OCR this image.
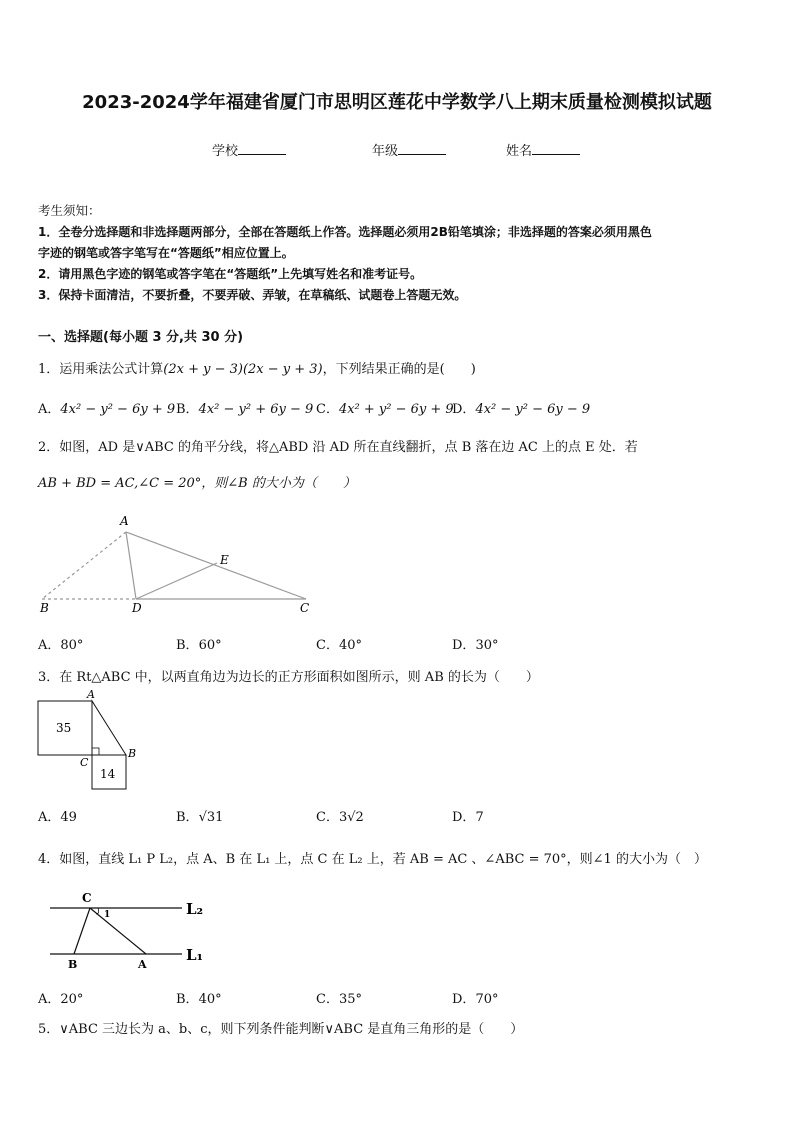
2023-2024学年福建省厦门市思明区莲花中学数学八上期末质量检测模拟试题
学校	年级	姓名
考生须知：
1．全卷分选择题和非选择题两部分，全部在答题纸上作答。选择题必须用2B铅笔填涂；非选择题的答案必须用黑色
字迹的钢笔或答字笔写在“答题纸”相应位置上。
2．请用黑色字迹的钢笔或答字笔在“答题纸”上先填写姓名和准考证号。
3．保持卡面清洁，不要折叠，不要弄破、弄皱，在草稿纸、试题卷上答题无效。
一、选择题(每小题 3 分,共 30 分)
1．运用乘法公式计算(2x + y − 3)(2x − y + 3)，下列结果正确的是(　　)
A．4x² − y² − 6y + 9 B．4x² − y² + 6y − 9 C．4x² + y² − 6y + 9
D．4x² − y² − 6y − 9
2．如图，AD 是∨ABC 的角平分线，将△ABD 沿 AD 所在直线翻折，点 B 落在边 AC 上的点 E 处．若
AB + BD = AC,∠C = 20°，则∠B 的大小为（　　）
A
B	D
E
C
A．80°	B．60°	C．40°	D．30°
3．在 Rt△ABC 中，以两直角边为边长的正方形面积如图所示，则 AB 的长为（　　）
35
14
A
B
C
A．49	B．√31	C．3√2	D．7
4．如图，直线 L₁ P L₂，点 A、B 在 L₁ 上，点 C 在 L₂ 上，若 AB = AC 、∠ABC = 70°，则∠1 的大小为（　）
C
1
B	A
L₂
L₁
A．20°	B．40°	C．35°	D．70°
5．∨ABC 三边长为 a、b、c，则下列条件能判断∨ABC 是直角三角形的是（　　）
